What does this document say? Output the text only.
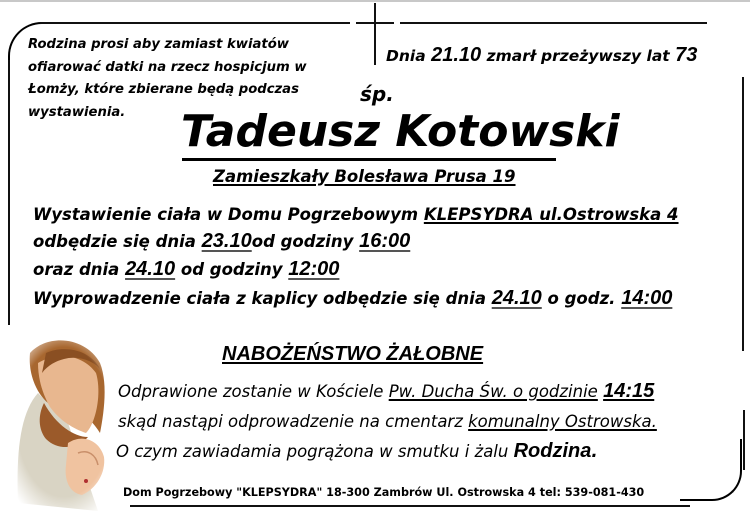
Rodzina prosi aby zamiast kwiatów ofiarować datki na rzecz hospicjum w Łomży, które zbierane będą podczas wystawienia.
Dnia 21.10 zmarł przeżywszy lat 73
śp.
Tadeusz Kotowski
Zamieszkały Bolesława Prusa 19
Wystawienie ciała w Domu Pogrzebowym KLEPSYDRA ul.Ostrowska 4
odbędzie się dnia 23.10od godziny 16:00
oraz dnia 24.10 od godziny 12:00
Wyprowadzenie ciała z kaplicy odbędzie się dnia 24.10 o godz. 14:00
NABOŻEŃSTWO ŻAŁOBNE
Odprawione zostanie w Kościele Pw. Ducha Św. o godzinie 14:15
skąd nastąpi odprowadzenie na cmentarz komunalny Ostrowska.
O czym zawiadamia pogrążona w smutku i żalu Rodzina.
Dom Pogrzebowy "KLEPSYDRA" 18-300 Zambrów Ul. Ostrowska 4 tel: 539-081-430
